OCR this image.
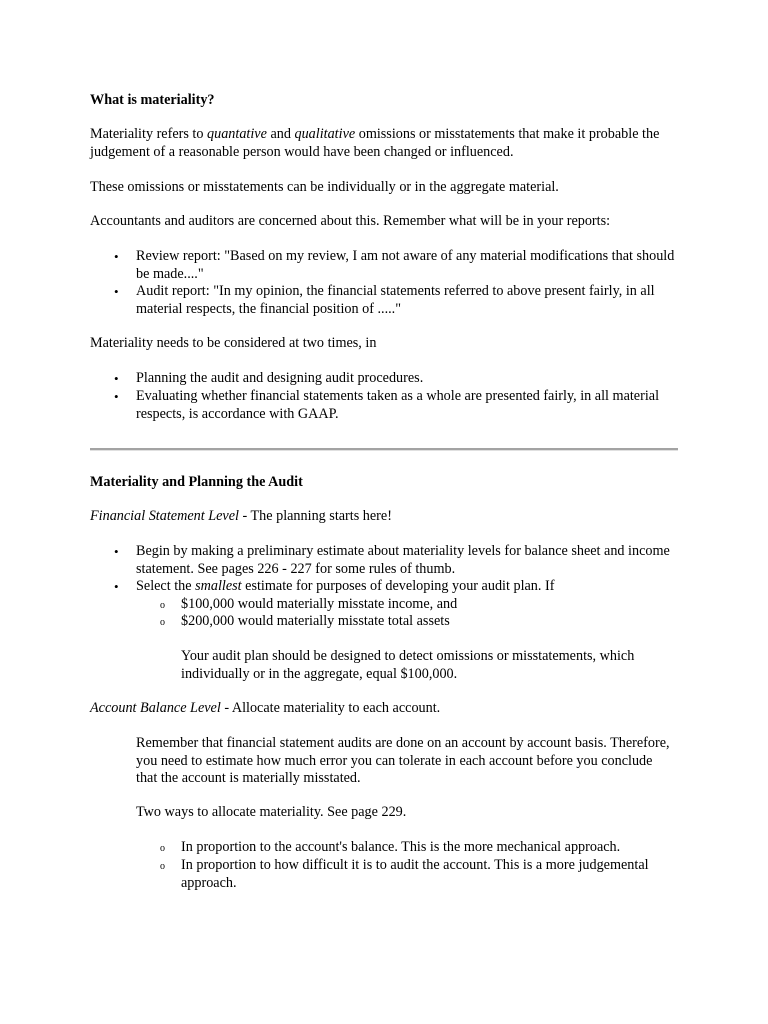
What is materiality?

Materiality refers to quantative and qualitative omissions or misstatements that make it probable the judgement of a reasonable person would have been changed or influenced.

These omissions or misstatements can be individually or in the aggregate material.

Accountants and auditors are concerned about this. Remember what will be in your reports:

• Review report: "Based on my review, I am not aware of any material modifications that should be made...."
• Audit report: "In my opinion, the financial statements referred to above present fairly, in all material respects, the financial position of ....."

Materiality needs to be considered at two times, in

• Planning the audit and designing audit procedures.
• Evaluating whether financial statements taken as a whole are presented fairly, in all material respects, is accordance with GAAP.

Materiality and Planning the Audit

Financial Statement Level - The planning starts here!

• Begin by making a preliminary estimate about materiality levels for balance sheet and income statement. See pages 226 - 227 for some rules of thumb.
• Select the smallest estimate for purposes of developing your audit plan. If
o $100,000 would materially misstate income, and
o $200,000 would materially misstate total assets

Your audit plan should be designed to detect omissions or misstatements, which individually or in the aggregate, equal $100,000.

Account Balance Level - Allocate materiality to each account.

Remember that financial statement audits are done on an account by account basis. Therefore, you need to estimate how much error you can tolerate in each account before you conclude that the account is materially misstated.

Two ways to allocate materiality. See page 229.

o In proportion to the account's balance. This is the more mechanical approach.
o In proportion to how difficult it is to audit the account. This is a more judgemental approach.
